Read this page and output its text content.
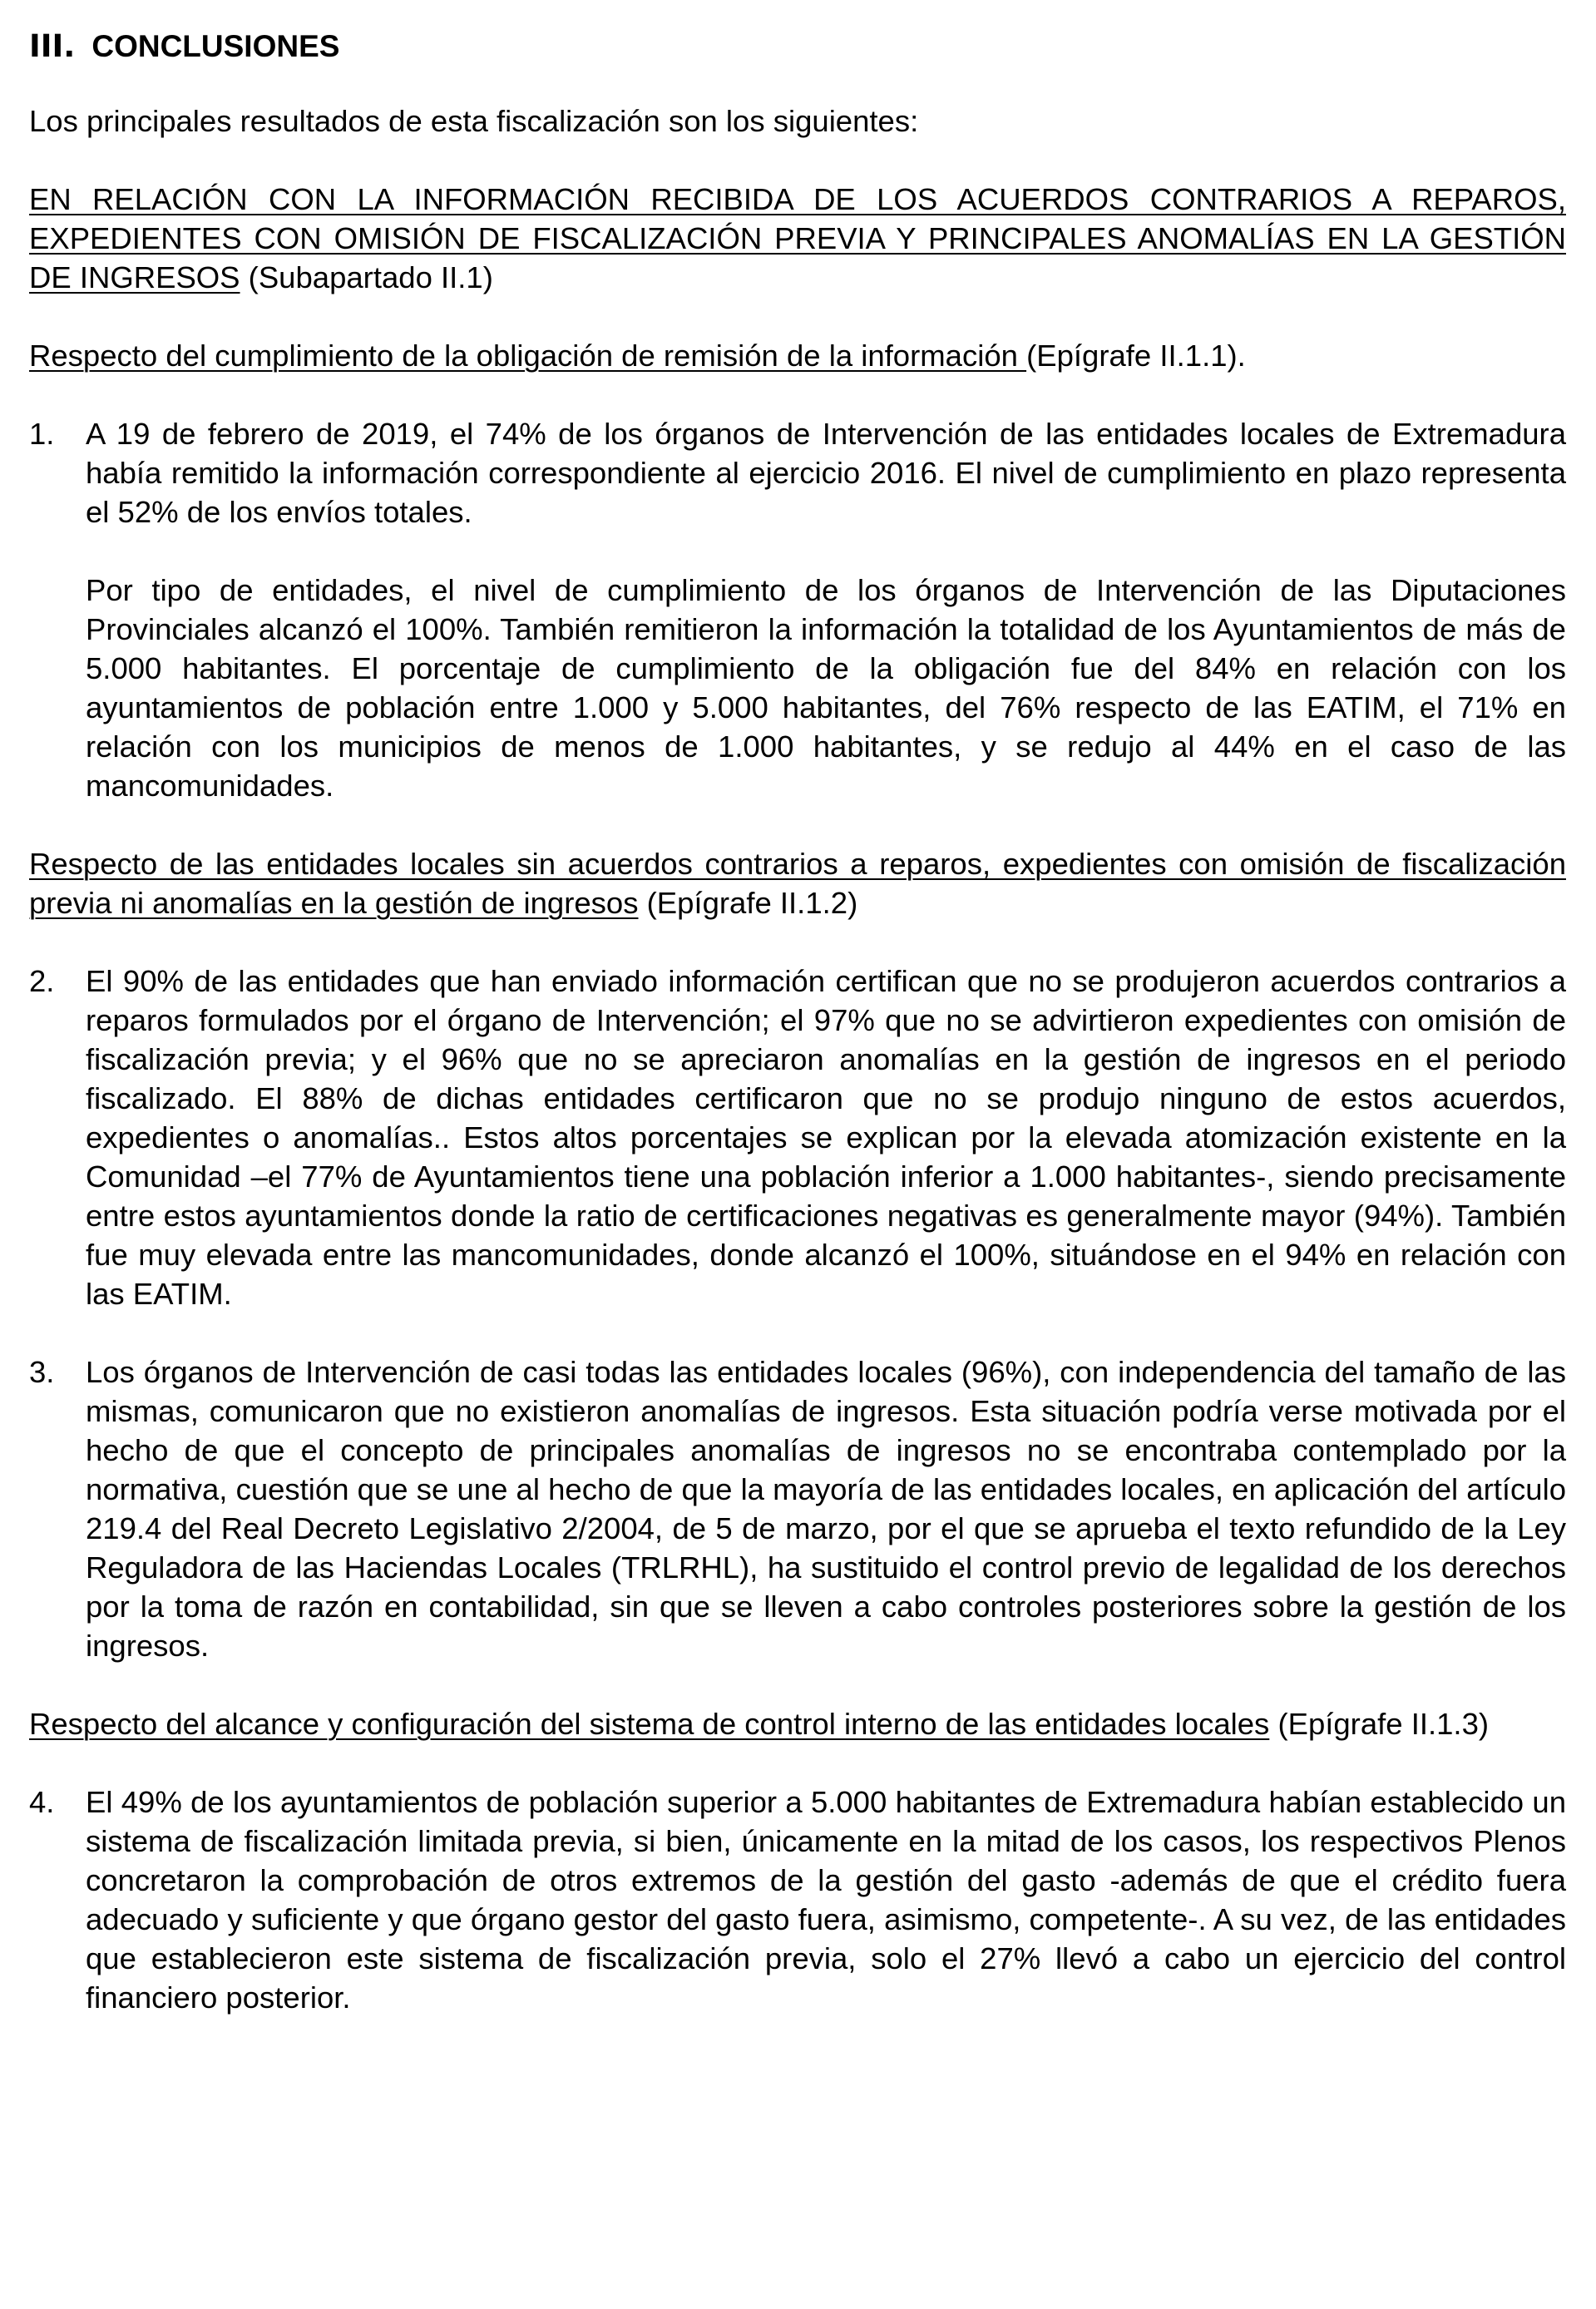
III. CONCLUSIONES

Los principales resultados de esta fiscalización son los siguientes:

EN RELACIÓN CON LA INFORMACIÓN RECIBIDA DE LOS ACUERDOS CONTRARIOS A REPAROS, EXPEDIENTES CON OMISIÓN DE FISCALIZACIÓN PREVIA Y PRINCIPALES ANOMALÍAS EN LA GESTIÓN DE INGRESOS (Subapartado II.1)

Respecto del cumplimiento de la obligación de remisión de la información (Epígrafe II.1.1).

1. A 19 de febrero de 2019, el 74% de los órganos de Intervención de las entidades locales de Extremadura había remitido la información correspondiente al ejercicio 2016. El nivel de cumplimiento en plazo representa el 52% de los envíos totales.

Por tipo de entidades, el nivel de cumplimiento de los órganos de Intervención de las Diputaciones Provinciales alcanzó el 100%. También remitieron la información la totalidad de los Ayuntamientos de más de 5.000 habitantes. El porcentaje de cumplimiento de la obligación fue del 84% en relación con los ayuntamientos de población entre 1.000 y 5.000 habitantes, del 76% respecto de las EATIM, el 71% en relación con los municipios de menos de 1.000 habitantes, y se redujo al 44% en el caso de las mancomunidades.

Respecto de las entidades locales sin acuerdos contrarios a reparos, expedientes con omisión de fiscalización previa ni anomalías en la gestión de ingresos (Epígrafe II.1.2)

2. El 90% de las entidades que han enviado información certifican que no se produjeron acuerdos contrarios a reparos formulados por el órgano de Intervención; el 97% que no se advirtieron expedientes con omisión de fiscalización previa; y el 96% que no se apreciaron anomalías en la gestión de ingresos en el periodo fiscalizado. El 88% de dichas entidades certificaron que no se produjo ninguno de estos acuerdos, expedientes o anomalías.. Estos altos porcentajes se explican por la elevada atomización existente en la Comunidad –el 77% de Ayuntamientos tiene una población inferior a 1.000 habitantes-, siendo precisamente entre estos ayuntamientos donde la ratio de certificaciones negativas es generalmente mayor (94%). También fue muy elevada entre las mancomunidades, donde alcanzó el 100%, situándose en el 94% en relación con las EATIM.

3. Los órganos de Intervención de casi todas las entidades locales (96%), con independencia del tamaño de las mismas, comunicaron que no existieron anomalías de ingresos. Esta situación podría verse motivada por el hecho de que el concepto de principales anomalías de ingresos no se encontraba contemplado por la normativa, cuestión que se une al hecho de que la mayoría de las entidades locales, en aplicación del artículo 219.4 del Real Decreto Legislativo 2/2004, de 5 de marzo, por el que se aprueba el texto refundido de la Ley Reguladora de las Haciendas Locales (TRLRHL), ha sustituido el control previo de legalidad de los derechos por la toma de razón en contabilidad, sin que se lleven a cabo controles posteriores sobre la gestión de los ingresos.

Respecto del alcance y configuración del sistema de control interno de las entidades locales (Epígrafe II.1.3)

4. El 49% de los ayuntamientos de población superior a 5.000 habitantes de Extremadura habían establecido un sistema de fiscalización limitada previa, si bien, únicamente en la mitad de los casos, los respectivos Plenos concretaron la comprobación de otros extremos de la gestión del gasto -además de que el crédito fuera adecuado y suficiente y que órgano gestor del gasto fuera, asimismo, competente-. A su vez, de las entidades que establecieron este sistema de fiscalización previa, solo el 27% llevó a cabo un ejercicio del control financiero posterior.
